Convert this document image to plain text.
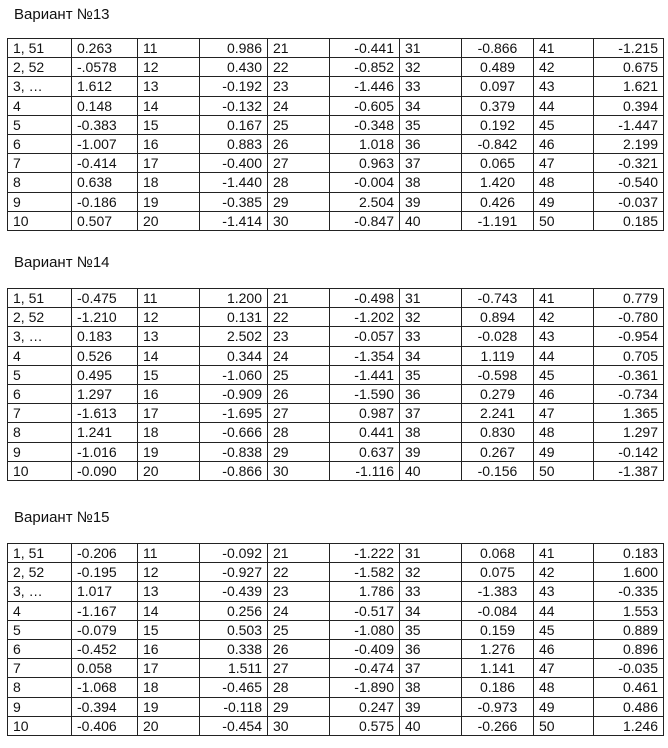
Вариант №13
1, 51	0.263	11	0.986	21	-0.441	31	-0.866	41	-1.215
2, 52	-.0578	12	0.430	22	-0.852	32	0.489	42	0.675
3, …	1.612	13	-0.192	23	-1.446	33	0.097	43	1.621
4	0.148	14	-0.132	24	-0.605	34	0.379	44	0.394
5	-0.383	15	0.167	25	-0.348	35	0.192	45	-1.447
6	-1.007	16	0.883	26	1.018	36	-0.842	46	2.199
7	-0.414	17	-0.400	27	0.963	37	0.065	47	-0.321
8	0.638	18	-1.440	28	-0.004	38	1.420	48	-0.540
9	-0.186	19	-0.385	29	2.504	39	0.426	49	-0.037
10	0.507	20	-1.414	30	-0.847	40	-1.191	50	0.185
Вариант №14
1, 51	-0.475	11	1.200	21	-0.498	31	-0.743	41	0.779
2, 52	-1.210	12	0.131	22	-1.202	32	0.894	42	-0.780
3, …	0.183	13	2.502	23	-0.057	33	-0.028	43	-0.954
4	0.526	14	0.344	24	-1.354	34	1.119	44	0.705
5	0.495	15	-1.060	25	-1.441	35	-0.598	45	-0.361
6	1.297	16	-0.909	26	-1.590	36	0.279	46	-0.734
7	-1.613	17	-1.695	27	0.987	37	2.241	47	1.365
8	1.241	18	-0.666	28	0.441	38	0.830	48	1.297
9	-1.016	19	-0.838	29	0.637	39	0.267	49	-0.142
10	-0.090	20	-0.866	30	-1.116	40	-0.156	50	-1.387
Вариант №15
1, 51	-0.206	11	-0.092	21	-1.222	31	0.068	41	0.183
2, 52	-0.195	12	-0.927	22	-1.582	32	0.075	42	1.600
3, …	1.017	13	-0.439	23	1.786	33	-1.383	43	-0.335
4	-1.167	14	0.256	24	-0.517	34	-0.084	44	1.553
5	-0.079	15	0.503	25	-1.080	35	0.159	45	0.889
6	-0.452	16	0.338	26	-0.409	36	1.276	46	0.896
7	0.058	17	1.511	27	-0.474	37	1.141	47	-0.035
8	-1.068	18	-0.465	28	-1.890	38	0.186	48	0.461
9	-0.394	19	-0.118	29	0.247	39	-0.973	49	0.486
10	-0.406	20	-0.454	30	0.575	40	-0.266	50	1.246
